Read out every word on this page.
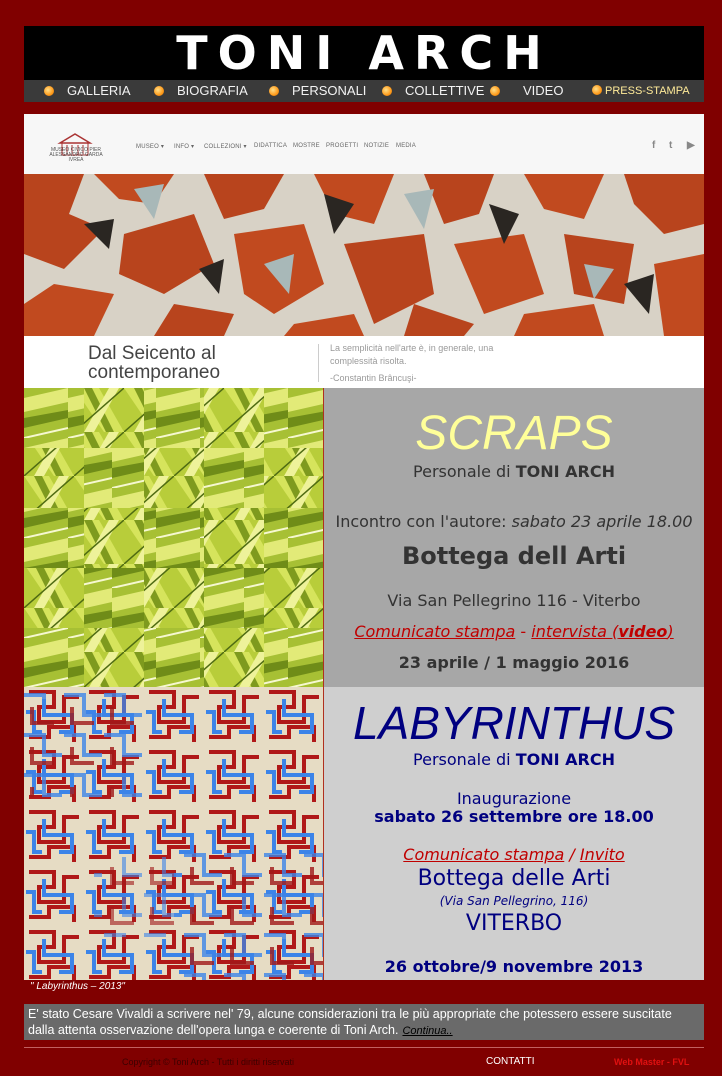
TONI ARCH
GALLERIA	BIOGRAFIA	PERSONALI	COLLETTIVE	VIDEO	PRESS-STAMPA
MUSEO CIVICO PIER ALESSANDRO GARDA IVREA
MUSEO ▾ INFO ▾ COLLEZIONI ▾ DIDATTICA MOSTRE PROGETTI NOTIZIE MEDIA	f t ▶
Dal Seicento al
contemporaneo
La semplicità nell'arte è, in generale, una
complessità risolta.
-Constantin Brâncuşi-
SCRAPS
Personale di TONI ARCH
Incontro con l'autore: sabato 23 aprile 18.00
Bottega dell Arti
Via San Pellegrino 116 - Viterbo
Comunicato stampa - intervista (video)
23 aprile / 1 maggio 2016
LABYRINTHUS
Personale di TONI ARCH
Inaugurazione
sabato 26 settembre ore 18.00
Comunicato stampa / Invito
Bottega delle Arti
(Via San Pellegrino, 116)
VITERBO
26 ottobre/9 novembre 2013
" Labyrinthus – 2013"
E' stato Cesare Vivaldi a scrivere nel' 79, alcune considerazioni tra le più appropriate che potessero essere suscitate dalla attenta osservazione dell'opera lunga e coerente di Toni Arch. Continua..
Copyright © Toni Arch - Tutti i diritti riservati	CONTATTI	Web Master - FVL
